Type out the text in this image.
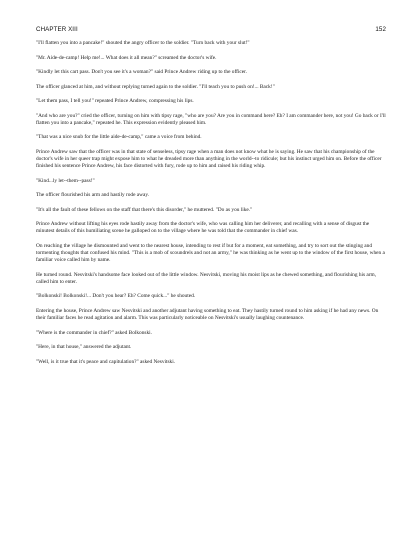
CHAPTER XIII	152

"I'll flatten you into a pancake!" shouted the angry officer to the soldier. "Turn back with your slut!"

"Mr. Aide-de-camp! Help me!... What does it all mean?" screamed the doctor's wife.

"Kindly let this cart pass. Don't you see it's a woman?" said Prince Andrew riding up to the officer.

The officer glanced at him, and without replying turned again to the soldier. "I'll teach you to push on!... Back!"

"Let them pass, I tell you!" repeated Prince Andrew, compressing his lips.

"And who are you?" cried the officer, turning on him with tipsy rage, "who are you? Are you in command here? Eh? I am commander here, not you! Go back or I'll flatten you into a pancake," repeated he. This expression evidently pleased him.

"That was a nice snub for the little aide-de-camp," came a voice from behind.

Prince Andrew saw that the officer was in that state of senseless, tipsy rage when a man does not know what he is saying. He saw that his championship of the doctor's wife in her queer trap might expose him to what he dreaded more than anything in the world--to ridicule; but his instinct urged him on. Before the officer finished his sentence Prince Andrew, his face distorted with fury, rode up to him and raised his riding whip.

"Kind...ly let--them--pass!"

The officer flourished his arm and hastily rode away.

"It's all the fault of these fellows on the staff that there's this disorder," he muttered. "Do as you like."

Prince Andrew without lifting his eyes rode hastily away from the doctor's wife, who was calling him her deliverer, and recalling with a sense of disgust the minutest details of this humiliating scene he galloped on to the village where he was told that the commander in chief was.

On reaching the village he dismounted and went to the nearest house, intending to rest if but for a moment, eat something, and try to sort out the stinging and tormenting thoughts that confused his mind. "This is a mob of scoundrels and not an army," he was thinking as he went up to the window of the first house, when a familiar voice called him by name.

He turned round. Nesvitski's handsome face looked out of the little window. Nesvitski, moving his moist lips as he chewed something, and flourishing his arm, called him to enter.

"Bolkonski! Bolkonski!... Don't you hear? Eh? Come quick..." he shouted.

Entering the house, Prince Andrew saw Nesvitski and another adjutant having something to eat. They hastily turned round to him asking if he had any news. On their familiar faces he read agitation and alarm. This was particularly noticeable on Nesvitski's usually laughing countenance.

"Where is the commander in chief?" asked Bolkonski.

"Here, in that house," answered the adjutant.

"Well, is it true that it's peace and capitulation?" asked Nesvitski.
